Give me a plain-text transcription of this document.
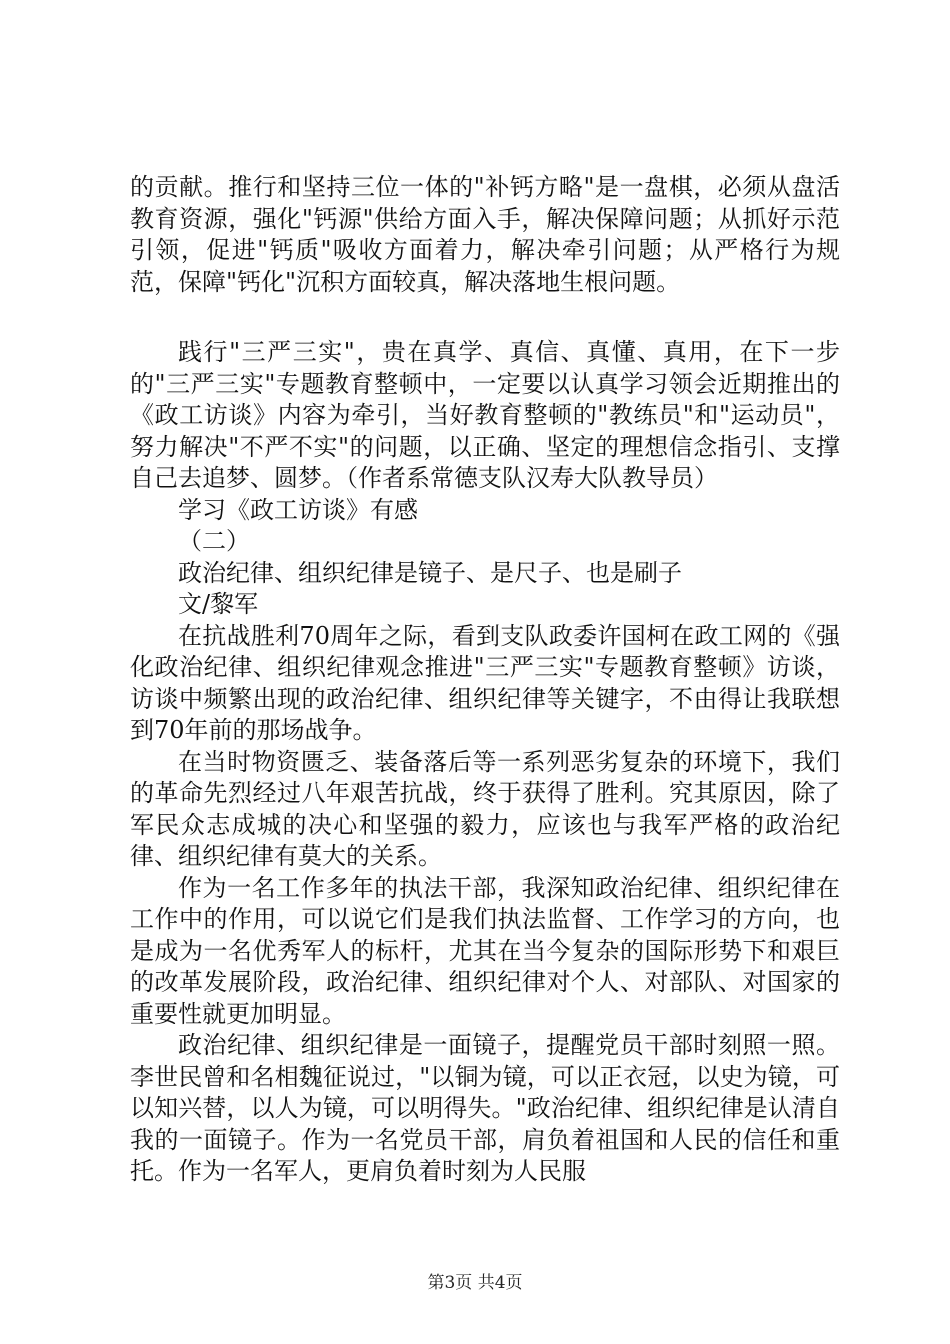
的贡献。推行和坚持三位一体的"补钙方略"是一盘棋，必须从盘活教育资源，强化"钙源"供给方面入手，解决保障问题；从抓好示范引领，促进"钙质"吸收方面着力，解决牵引问题；从严格行为规范，保障"钙化"沉积方面较真，解决落地生根问题。

践行"三严三实"，贵在真学、真信、真懂、真用，在下一步的"三严三实"专题教育整顿中，一定要以认真学习领会近期推出的《政工访谈》内容为牵引，当好教育整顿的"教练员"和"运动员"，努力解决"不严不实"的问题，以正确、坚定的理想信念指引、支撑自己去追梦、圆梦。（作者系常德支队汉寿大队教导员）

学习《政工访谈》有感

（二）

政治纪律、组织纪律是镜子、是尺子、也是刷子

文/黎军

在抗战胜利70周年之际，看到支队政委许国柯在政工网的《强化政治纪律、组织纪律观念推进"三严三实"专题教育整顿》访谈，访谈中频繁出现的政治纪律、组织纪律等关键字，不由得让我联想到70年前的那场战争。

在当时物资匮乏、装备落后等一系列恶劣复杂的环境下，我们的革命先烈经过八年艰苦抗战，终于获得了胜利。究其原因，除了军民众志成城的决心和坚强的毅力，应该也与我军严格的政治纪律、组织纪律有莫大的关系。

作为一名工作多年的执法干部，我深知政治纪律、组织纪律在工作中的作用，可以说它们是我们执法监督、工作学习的方向，也是成为一名优秀军人的标杆，尤其在当今复杂的国际形势下和艰巨的改革发展阶段，政治纪律、组织纪律对个人、对部队、对国家的重要性就更加明显。

政治纪律、组织纪律是一面镜子，提醒党员干部时刻照一照。李世民曾和名相魏征说过，"以铜为镜，可以正衣冠，以史为镜，可以知兴替，以人为镜，可以明得失。"政治纪律、组织纪律是认清自我的一面镜子。作为一名党员干部，肩负着祖国和人民的信任和重托。作为一名军人，更肩负着时刻为人民服

第3页 共4页
